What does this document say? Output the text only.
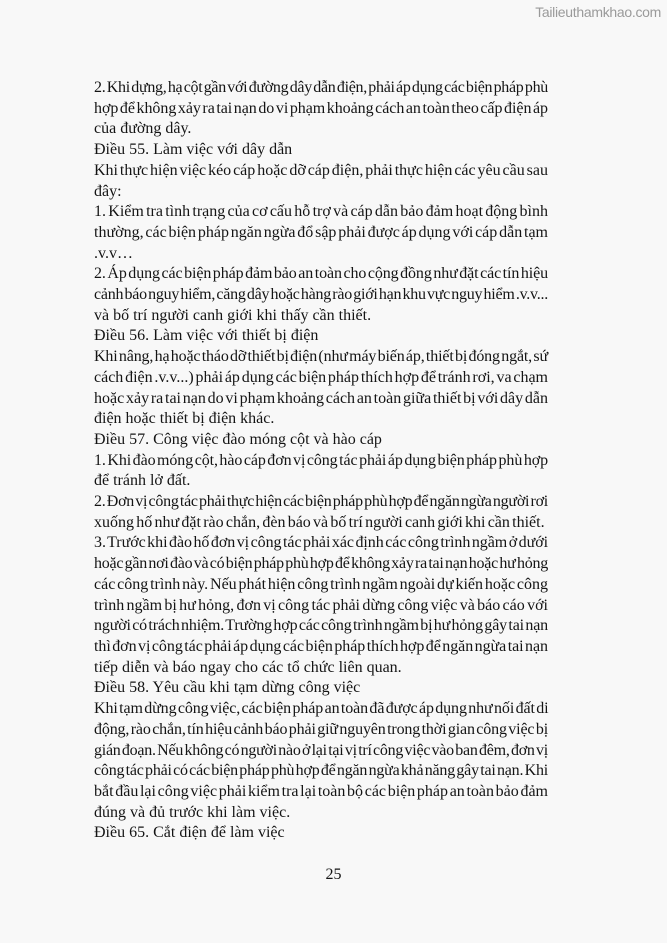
Tailieuthamkhao.com
2. Khi dựng, hạ cột gần với đường dây dẫn điện, phải áp dụng các biện pháp phù
hợp để không xảy ra tai nạn do vi phạm khoảng cách an toàn theo cấp điện áp
của đường dây.
Điều 55. Làm việc với dây dẫn
Khi thực hiện việc kéo cáp hoặc dỡ cáp điện, phải thực hiện các yêu cầu sau
đây:
1. Kiểm tra tình trạng của cơ cấu hỗ trợ và cáp dẫn bảo đảm hoạt động bình
thường, các biện pháp ngăn ngừa đổ sập phải được áp dụng với cáp dẫn tạm
.v.v…
2. Áp dụng các biện pháp đảm bảo an toàn cho cộng đồng như đặt các tín hiệu
cảnh báo nguy hiểm, căng dây hoặc hàng rào giới hạn khu vực nguy hiểm .v.v...
và bố trí người canh giới khi thấy cần thiết.
Điều 56. Làm việc với thiết bị điện
Khi nâng, hạ hoặc tháo dỡ thiết bị điện (như máy biến áp, thiết bị đóng ngắt, sứ
cách điện .v.v...) phải áp dụng các biện pháp thích hợp để tránh rơi, va chạm
hoặc xảy ra tai nạn do vi phạm khoảng cách an toàn giữa thiết bị với dây dẫn
điện hoặc thiết bị điện khác.
Điều 57. Công việc đào móng cột và hào cáp
1. Khi đào móng cột, hào cáp đơn vị công tác phải áp dụng biện pháp phù hợp
để tránh lở đất.
2. Đơn vị công tác phải thực hiện các biện pháp phù hợp để ngăn ngừa người rơi
xuống hố như đặt rào chắn, đèn báo và bố trí người canh giới khi cần thiết.
3. Trước khi đào hố đơn vị công tác phải xác định các công trình ngầm ở dưới
hoặc gần nơi đào và có biện pháp phù hợp để không xảy ra tai nạn hoặc hư hỏng
các công trình này. Nếu phát hiện công trình ngầm ngoài dự kiến hoặc công
trình ngầm bị hư hỏng, đơn vị công tác phải dừng công việc và báo cáo với
người có trách nhiệm. Trường hợp các công trình ngầm bị hư hỏng gây tai nạn
thì đơn vị công tác phải áp dụng các biện pháp thích hợp để ngăn ngừa tai nạn
tiếp diễn và báo ngay cho các tổ chức liên quan.
Điều 58. Yêu cầu khi tạm dừng công việc
Khi tạm dừng công việc, các biện pháp an toàn đã được áp dụng như nối đất di
động, rào chắn, tín hiệu cảnh báo phải giữ nguyên trong thời gian công việc bị
gián đoạn. Nếu không có người nào ở lại tại vị trí công việc vào ban đêm, đơn vị
công tác phải có các biện pháp phù hợp để ngăn ngừa khả năng gây tai nạn. Khi
bắt đầu lại công việc phải kiểm tra lại toàn bộ các biện pháp an toàn bảo đảm
đúng và đủ trước khi làm việc.
Điều 65. Cắt điện để làm việc
25
